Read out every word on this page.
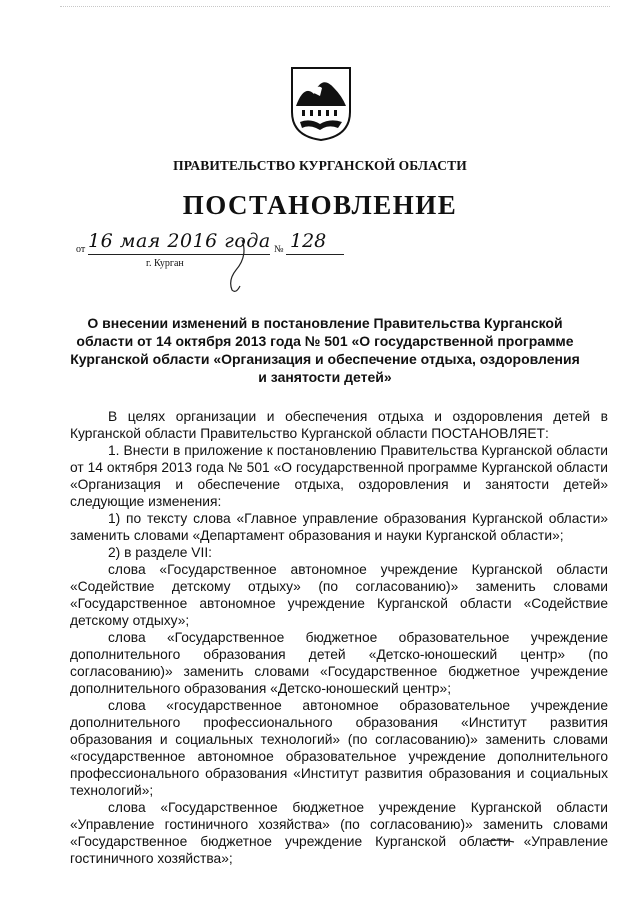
ПРАВИТЕЛЬСТВО КУРГАНСКОЙ ОБЛАСТИ
ПОСТАНОВЛЕНИЕ
от 16 мая 2016 года № 128
г. Курган
О внесении изменений в постановление Правительства Курганской области от 14 октября 2013 года № 501 «О государственной программе Курганской области «Организация и обеспечение отдыха, оздоровления и занятости детей»

В целях организации и обеспечения отдыха и оздоровления детей в Курганской области Правительство Курганской области ПОСТАНОВЛЯЕТ:

1. Внести в приложение к постановлению Правительства Курганской области от 14 октября 2013 года № 501 «О государственной программе Курганской области «Организация и обеспечение отдыха, оздоровления и занятости детей» следующие изменения:

1) по тексту слова «Главное управление образования Курганской области» заменить словами «Департамент образования и науки Курганской области»;

2) в разделе VII:

слова «Государственное автономное учреждение Курганской области «Содействие детскому отдыху» (по согласованию)» заменить словами «Государственное автономное учреждение Курганской области «Содействие детскому отдыху»;

слова «Государственное бюджетное образовательное учреждение дополнительного образования детей «Детско-юношеский центр» (по согласованию)» заменить словами «Государственное бюджетное учреждение дополнительного образования «Детско-юношеский центр»;

слова «государственное автономное образовательное учреждение дополнительного профессионального образования «Институт развития образования и социальных технологий» (по согласованию)» заменить словами «государственное автономное образовательное учреждение дополнительного профессионального образования «Институт развития образования и социальных технологий»;

слова «Государственное бюджетное учреждение Курганской области «Управление гостиничного хозяйства» (по согласованию)» заменить словами «Государственное бюджетное учреждение Курганской области «Управление гостиничного хозяйства»;
